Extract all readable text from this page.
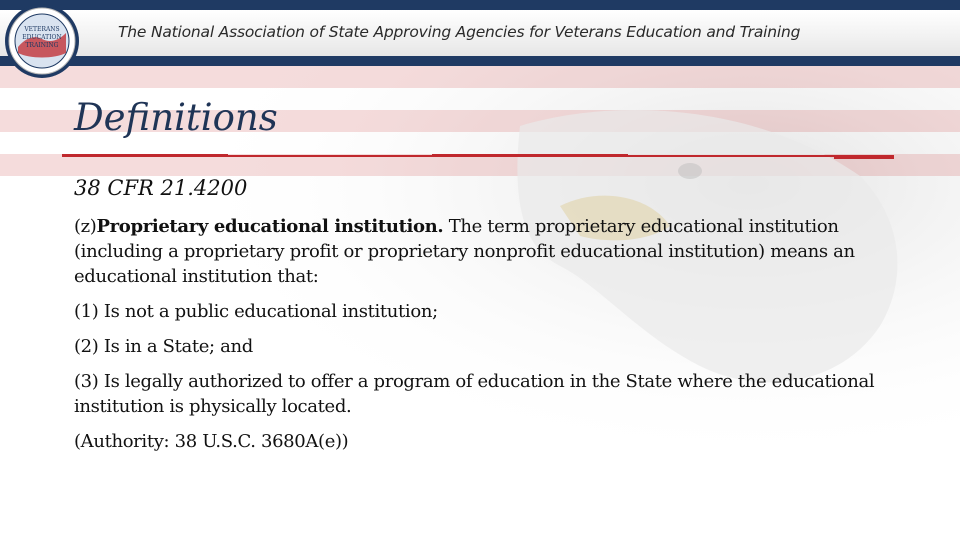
VETERANS
EDUCATION
TRAINING
The National Association of State Approving Agencies for Veterans Education and Training
Definitions

38 CFR 21.4200

(z)Proprietary educational institution. The term proprietary educational institution (including a proprietary profit or proprietary nonprofit educational institution) means an educational institution that:

(1) Is not a public educational institution;

(2) Is in a State; and

(3) Is legally authorized to offer a program of education in the State where the educational institution is physically located.

(Authority: 38 U.S.C. 3680A(e))
